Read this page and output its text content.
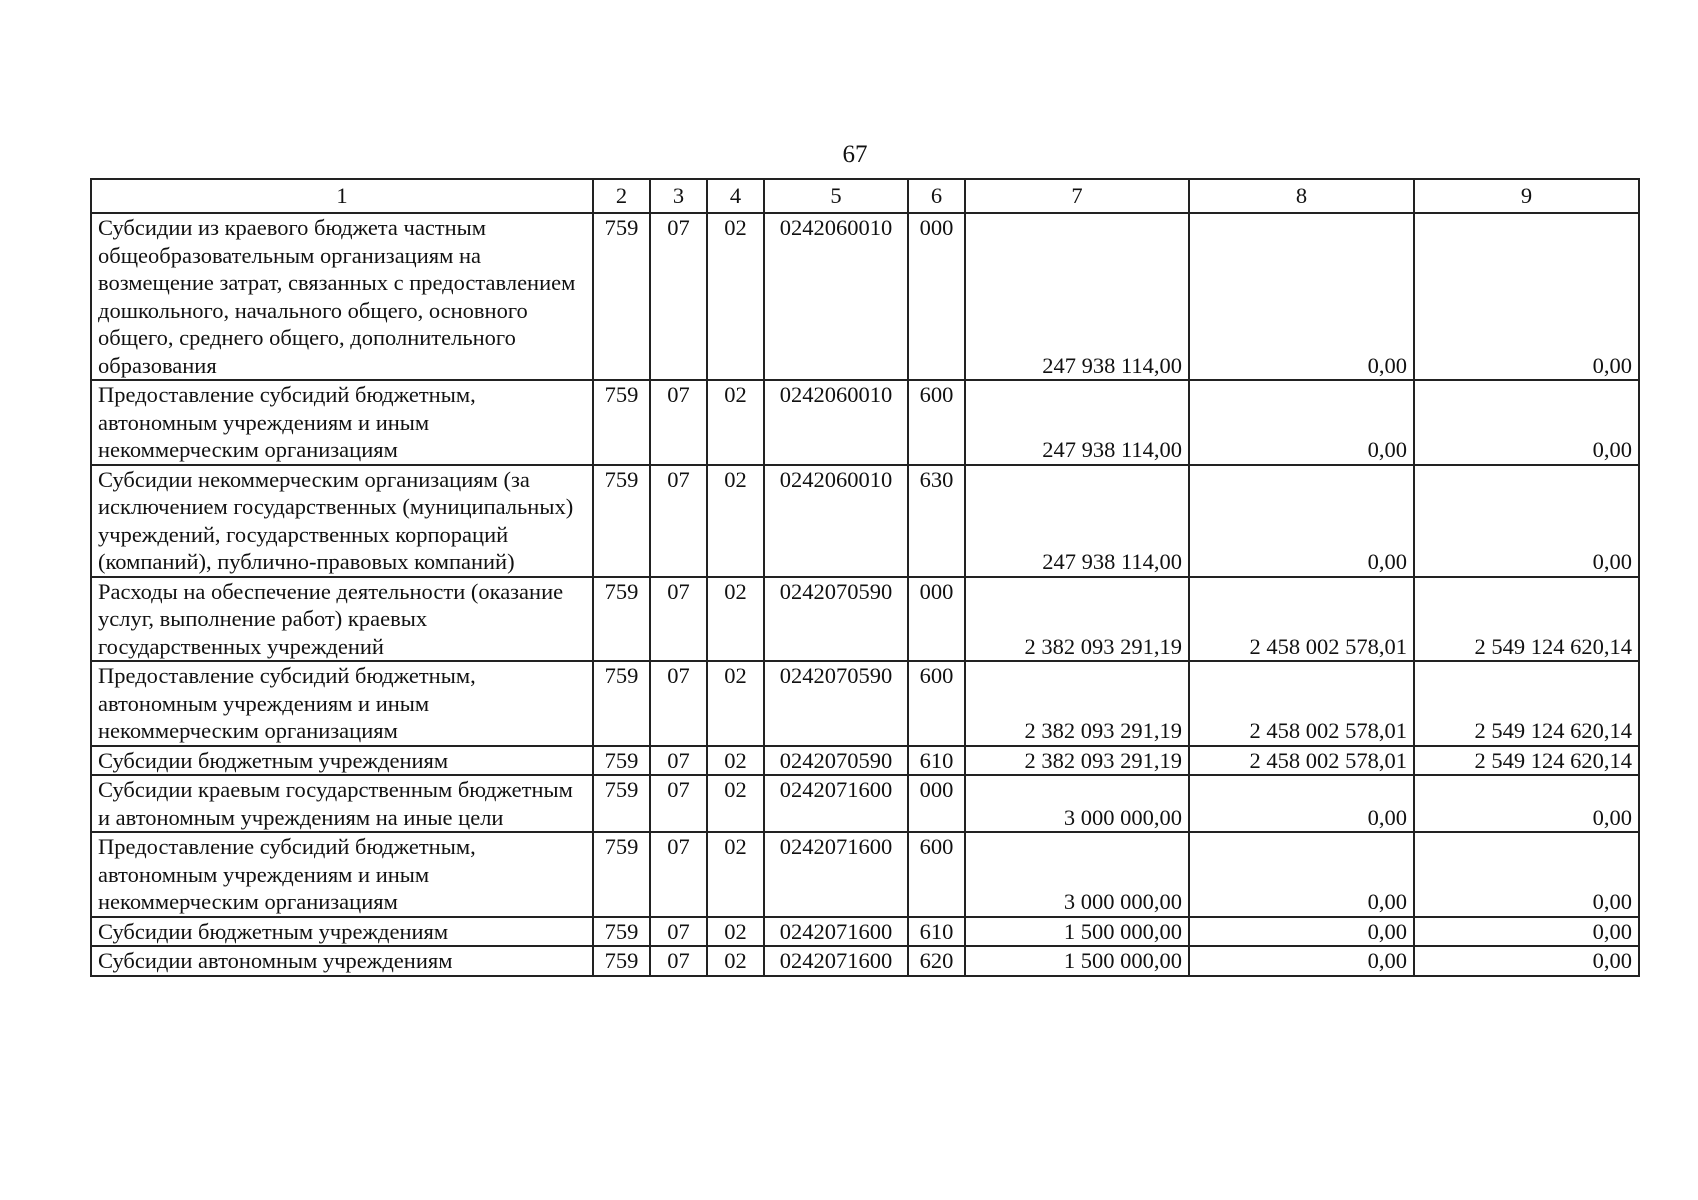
67
1	2	3	4	5	6	7	8	9
Субсидии из краевого бюджета частным общеобразовательным организациям на возмещение затрат, связанных с предоставлением дошкольного, начального общего, основного общего, среднего общего, дополнительного образования	759	07	02	0242060010	000	247 938 114,00	0,00	0,00
Предоставление субсидий бюджетным, автономным учреждениям и иным некоммерческим организациям	759	07	02	0242060010	600	247 938 114,00	0,00	0,00
Субсидии некоммерческим организациям (за исключением государственных (муниципальных) учреждений, государственных корпораций (компаний), публично-правовых компаний)	759	07	02	0242060010	630	247 938 114,00	0,00	0,00
Расходы на обеспечение деятельности (оказание услуг, выполнение работ) краевых государственных учреждений	759	07	02	0242070590	000	2 382 093 291,19	2 458 002 578,01	2 549 124 620,14
Предоставление субсидий бюджетным, автономным учреждениям и иным некоммерческим организациям	759	07	02	0242070590	600	2 382 093 291,19	2 458 002 578,01	2 549 124 620,14
Субсидии бюджетным учреждениям	759	07	02	0242070590	610	2 382 093 291,19	2 458 002 578,01	2 549 124 620,14
Субсидии краевым государственным бюджетным и автономным учреждениям на иные цели	759	07	02	0242071600	000	3 000 000,00	0,00	0,00
Предоставление субсидий бюджетным, автономным учреждениям и иным некоммерческим организациям	759	07	02	0242071600	600	3 000 000,00	0,00	0,00
Субсидии бюджетным учреждениям	759	07	02	0242071600	610	1 500 000,00	0,00	0,00
Субсидии автономным учреждениям	759	07	02	0242071600	620	1 500 000,00	0,00	0,00
